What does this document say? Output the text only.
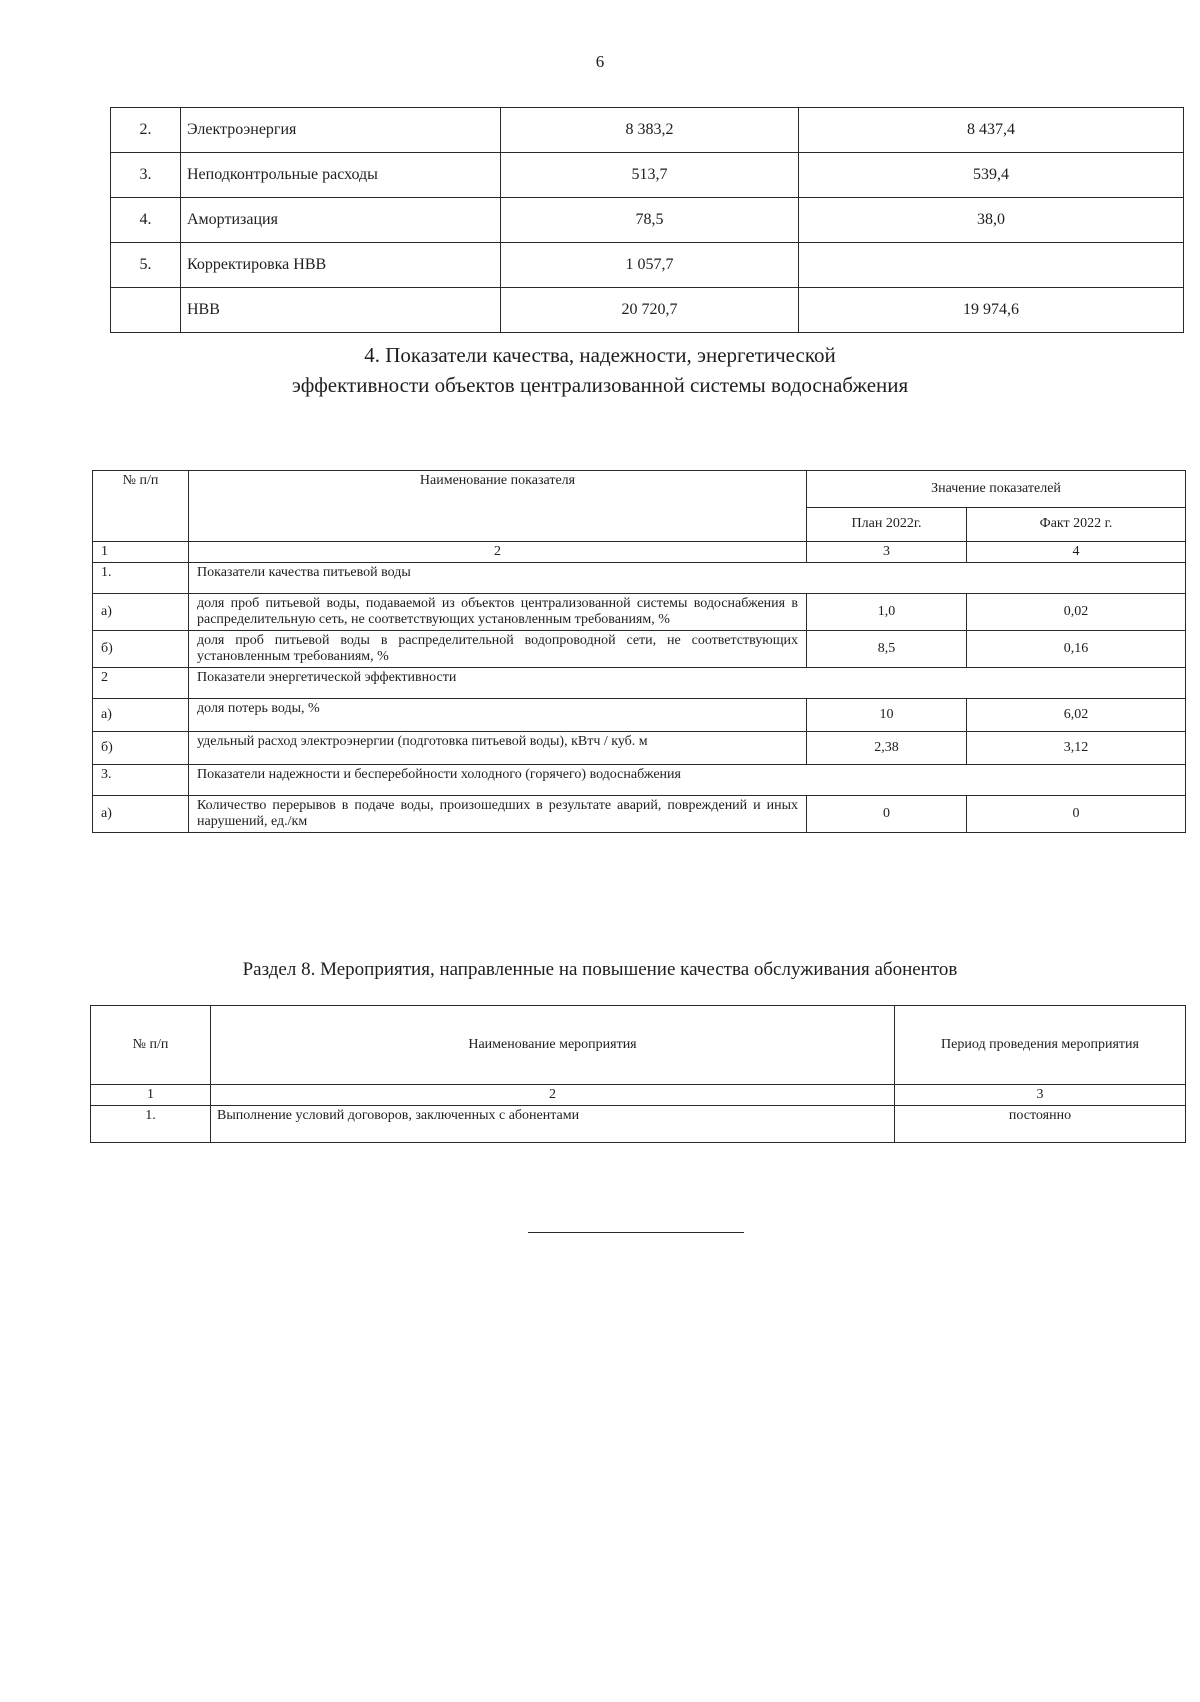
6
2.	Электроэнергия	8 383,2	8 437,4
3.	Неподконтрольные расходы	513,7	539,4
4.	Амортизация	78,5	38,0
5.	Корректировка НВВ	1 057,7	
	НВВ	20 720,7	19 974,6
4. Показатели качества, надежности, энергетической
эффективности объектов централизованной системы водоснабжения
№ п/п	Наименование показателя	Значение показателей	
		План 2022г.	Факт 2022 г.
1	2	3	4
1.	Показатели качества питьевой воды		
а)	доля проб питьевой воды, подаваемой из объектов централизованной системы водоснабжения в распределительную сеть, не соответствующих установленным требованиям, %	1,0	0,02
б)	доля проб питьевой воды в распределительной водопроводной сети, не соответствующих установленным требованиям, %	8,5	0,16
2	Показатели энергетической эффективности		
а)	доля потерь воды, %	10	6,02
б)	удельный расход электроэнергии (подготовка питьевой воды), кВтч / куб. м	2,38	3,12
3.	Показатели надежности и бесперебойности холодного (горячего) водоснабжения		
а)	Количество перерывов в подаче воды, произошедших в результате аварий, повреждений и иных нарушений, ед./км	0	0
Раздел 8. Мероприятия, направленные на повышение качества обслуживания абонентов
№ п/п	Наименование мероприятия	Период проведения мероприятия
1	2	3
1.	Выполнение условий договоров, заключенных с абонентами	постоянно
